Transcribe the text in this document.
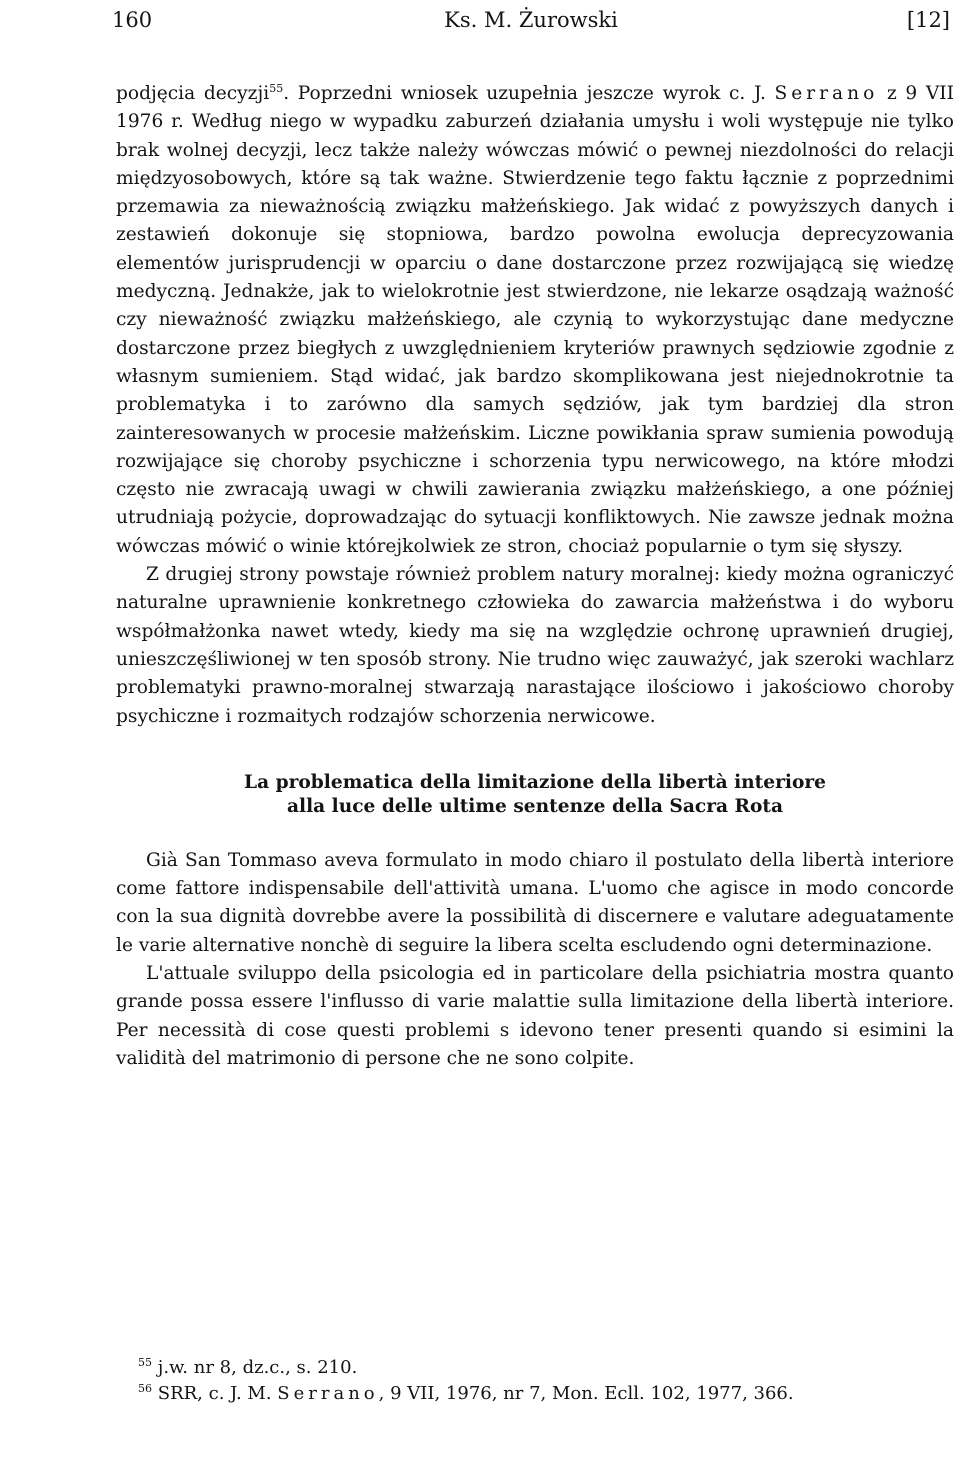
160	Ks. M. Żurowski	[12]

podjęcia decyzji$^{55}$. Poprzedni wniosek uzupełnia jeszcze wyrok c. J. Serrano z 9 VII 1976 r. Według niego w wypadku zaburzeń działania umysłu i woli występuje nie tylko brak wolnej decyzji, lecz także należy wówczas mówić o pewnej niezdolności do relacji międzyosobowych, które są tak ważne. Stwierdzenie tego faktu łącznie z poprzednimi przemawia za nieważnością związku małżeńskiego. Jak widać z powyższych danych i zestawień dokonuje się stopniowa, bardzo powolna ewolucja deprecyzowania elementów jurisprudencji w oparciu o dane dostarczone przez rozwijającą się wiedzę medyczną. Jednakże, jak to wielokrotnie jest stwierdzone, nie lekarze osądzają ważność czy nieważność związku małżeńskiego, ale czynią to wykorzystując dane medyczne dostarczone przez biegłych z uwzględnieniem kryteriów prawnych sędziowie zgodnie z własnym sumieniem. Stąd widać, jak bardzo skomplikowana jest niejednokrotnie ta problematyka i to zarówno dla samych sędziów, jak tym bardziej dla stron zainteresowanych w procesie małżeńskim. Liczne powikłania spraw sumienia powodują rozwijające się choroby psychiczne i schorzenia typu nerwicowego, na które młodzi często nie zwracają uwagi w chwili zawierania związku małżeńskiego, a one później utrudniają pożycie, doprowadzając do sytuacji konfliktowych. Nie zawsze jednak można wówczas mówić o winie którejkolwiek ze stron, chociaż popularnie o tym się słyszy.

Z drugiej strony powstaje również problem natury moralnej: kiedy można ograniczyć naturalne uprawnienie konkretnego człowieka do zawarcia małżeństwa i do wyboru współmałżonka nawet wtedy, kiedy ma się na względzie ochronę uprawnień drugiej, unieszczęśliwionej w ten sposób strony. Nie trudno więc zauważyć, jak szeroki wachlarz problematyki prawno-moralnej stwarzają narastające ilościowo i jakościowo choroby psychiczne i rozmaitych rodzajów schorzenia nerwicowe.

La problematica della limitazione della libertà interiore
alla luce delle ultime sentenze della Sacra Rota

Già San Tommaso aveva formulato in modo chiaro il postulato della libertà interiore come fattore indispensabile dell'attività umana. L'uomo che agisce in modo concorde con la sua dignità dovrebbe avere la possibilità di discernere e valutare adeguatamente le varie alternative nonchè di seguire la libera scelta escludendo ogni determinazione.

L'attuale sviluppo della psicologia ed in particolare della psichiatria mostra quanto grande possa essere l'influsso di varie malattie sulla limitazione della libertà interiore. Per necessità di cose questi problemi s idevono tener presenti quando si esimini la validità del matrimonio di persone che ne sono colpite.

$^{55}$ j.w. nr 8, dz.c., s. 210.

$^{56}$ SRR, c. J. M. Serrano, 9 VII, 1976, nr 7, Mon. Ecll. 102, 1977, 366.
